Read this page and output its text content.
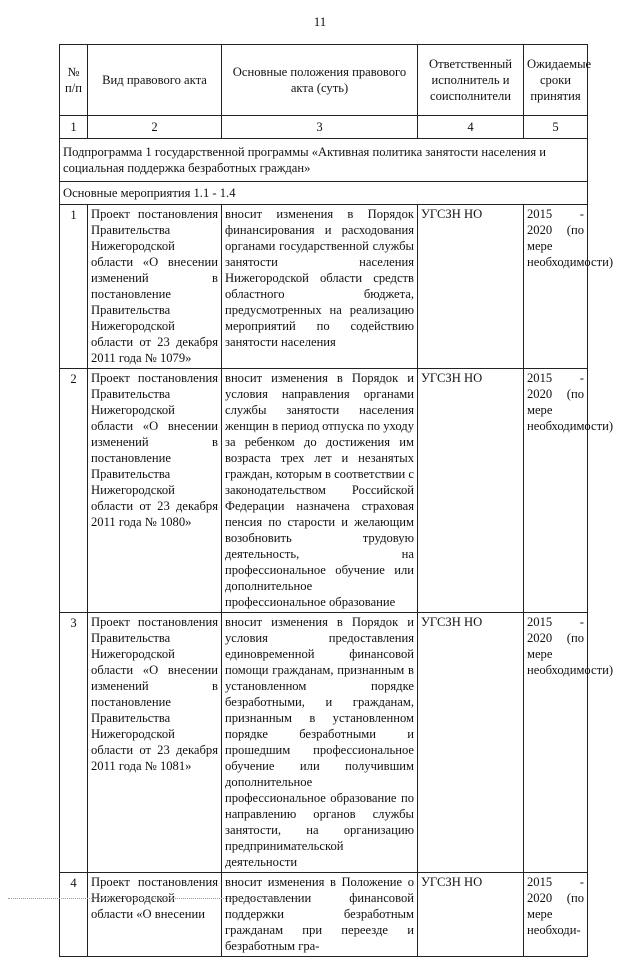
11
№ п/п	Вид правового акта	Основные положения правового акта (суть)	Ответственный исполнитель и соисполнители	Ожидаемые сроки принятия
1	2	3	4	5
Подпрограмма 1 государственной программы «Активная политика занятости населения и социальная поддержка безработных граждан»				
Основные мероприятия 1.1 - 1.4				
1	Проект постановления Правительства Нижегородской области «О внесении изменений в постановление Правительства Нижегородской области от 23 декабря 2011 года № 1079»	вносит изменения в Порядок финансирования и расходования органами государственной службы занятости населения Нижегородской области средств областного бюджета, предусмотренных на реализацию мероприятий по содействию занятости населения	УГСЗН НО	2015 - 2020 (по мере необходимости)
2	Проект постановления Правительства Нижегородской области «О внесении изменений в постановление Правительства Нижегородской области от 23 декабря 2011 года № 1080»	вносит изменения в Порядок и условия направления органами службы занятости населения женщин в период отпуска по уходу за ребенком до достижения им возраста трех лет и незанятых граждан, которым в соответствии с законодательством Российской Федерации назначена страховая пенсия по старости и желающим возобновить трудовую деятельность, на профессиональное обучение или дополнительное профессиональное образование	УГСЗН НО	2015 - 2020 (по мере необходимости)
3	Проект постановления Правительства Нижегородской области «О внесении изменений в постановление Правительства Нижегородской области от 23 декабря 2011 года № 1081»	вносит изменения в Порядок и условия предоставления единовременной финансовой помощи гражданам, признанным в установленном порядке безработными, и гражданам, признанным в установленном порядке безработными и прошедшим профессиональное обучение или получившим дополнительное профессиональное образование по направлению органов службы занятости, на организацию предпринимательской деятельности	УГСЗН НО	2015 - 2020 (по мере необходимости)
4	Проект постановления Нижегородской области «О внесении	вносит изменения в Положение о предоставлении финансовой поддержки безработным гражданам при переезде и безработным гра-	УГСЗН НО	2015 - 2020 (по мере необходи-
